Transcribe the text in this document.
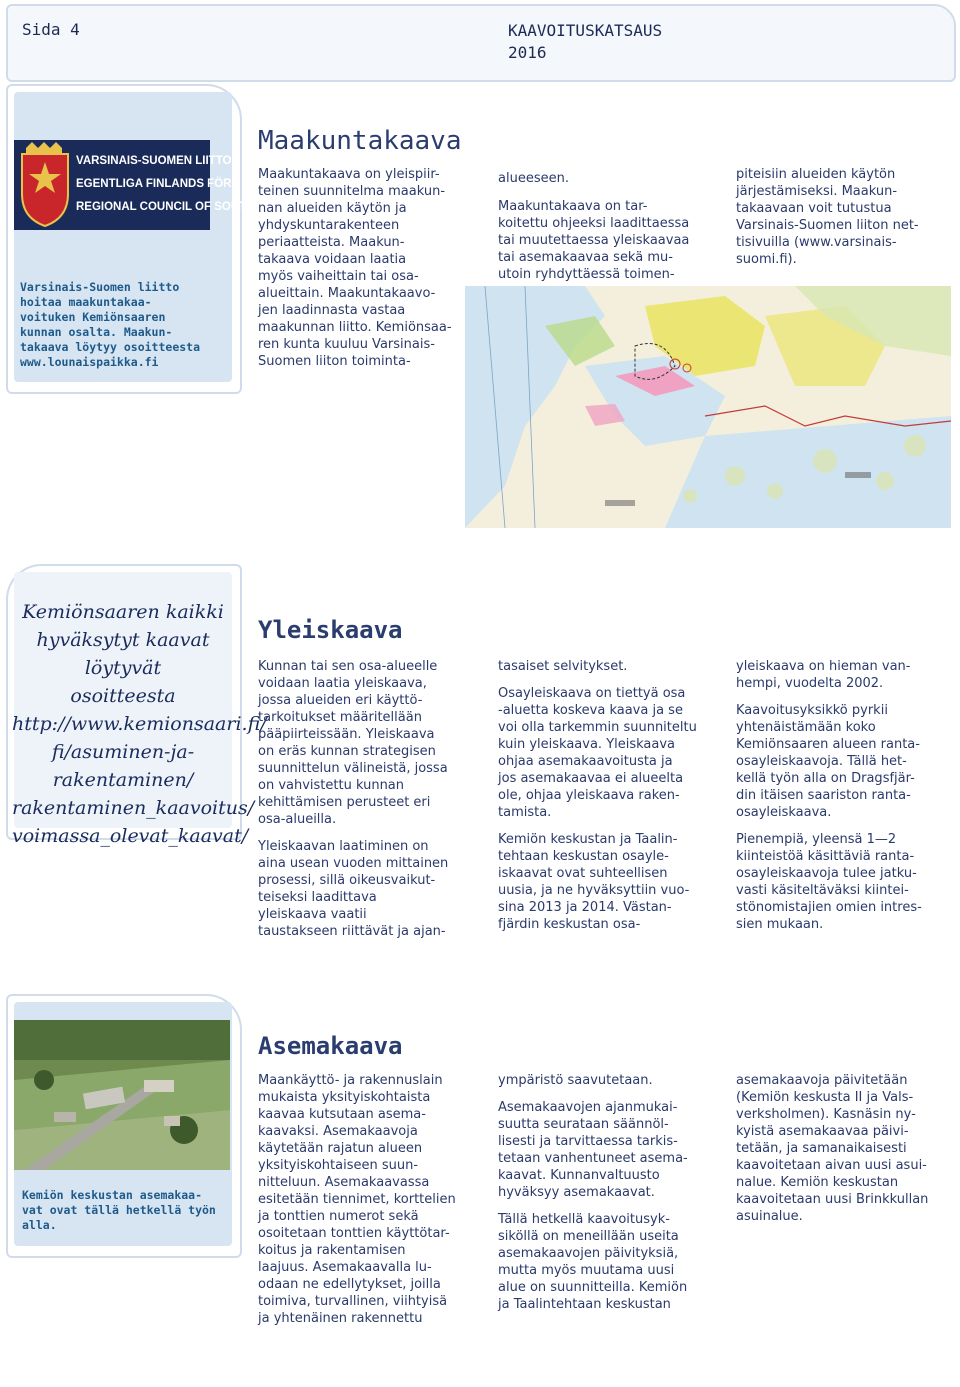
Sida 4	KAAVOITUSKATSAUS
2016
VARSINAIS-SUOMEN LIITTO
EGENTLIGA FINLANDS FÖRB
REGIONAL COUNCIL OF SOUT
Varsinais-Suomen liitto
hoitaa maakuntakaa-
voituken Kemiönsaaren
kunnan osalta. Maakun-
takaava löytyy osoitteesta
www.lounaispaikka.fi
Maakuntakaava
Maakuntakaava on yleispiir-
teinen suunnitelma maakun-
nan alueiden käytön ja
yhdyskuntarakenteen
periaatteista. Maakun-
takaava voidaan laatia
myös vaiheittain tai osa-
alueittain. Maakuntakaavo-
jen laadinnasta vastaa
maakunnan liitto. Kemiönsaa-
ren kunta kuuluu Varsinais-
Suomen liiton toiminta-
alueeseen.
Maakuntakaava on tar-
koitettu ohjeeksi laadittaessa
tai muutettaessa yleiskaavaa
tai asemakaavaa sekä mu-
utoin ryhdyttäessä toimen-
piteisiin alueiden käytön
järjestämiseksi. Maakun-
takaavaan voit tutustua
Varsinais-Suomen liiton net-
tisivuilla (www.varsinais-
suomi.fi).
Kemiönsaaren kaikki
hyväksytyt kaavat löytyvät
osoitteesta
http://www.kemionsaari.fi/
fi/asuminen-ja-
rakentaminen/
rakentaminen_kaavoitus/
voimassa_olevat_kaavat/
Yleiskaava

Kunnan tai sen osa-alueelle
voidaan laatia yleiskaava,
jossa alueiden eri käyttö-
tarkoitukset määritellään
pääpiirteissään. Yleiskaava
on eräs kunnan strategisen
suunnittelun välineistä, jossa
on vahvistettu kunnan
kehittämisen perusteet eri
osa-alueilla.

Yleiskaavan laatiminen on
aina usean vuoden mittainen
prosessi, sillä oikeusvaikut-
teiseksi laadittava
yleiskaava vaatii
taustakseen riittävät ja ajan-

tasaiset selvitykset.

Osayleiskaava on tiettyä osa
-aluetta koskeva kaava ja se
voi olla tarkemmin suunniteltu
kuin yleiskaava. Yleiskaava
ohjaa asemakaavoitusta ja
jos asemakaavaa ei alueelta
ole, ohjaa yleiskaava raken-
tamista.

Kemiön keskustan ja Taalin-
tehtaan keskustan osayle-
iskaavat ovat suhteellisen
uusia, ja ne hyväksyttiin vuo-
sina 2013 ja 2014. Västan-
fjärdin keskustan osa-

yleiskaava on hieman van-
hempi, vuodelta 2002.

Kaavoitusyksikkö pyrkii
yhtenäistämään koko
Kemiönsaaren alueen ranta-
osayleiskaavoja. Tällä het-
kellä työn alla on Dragsfjär-
din itäisen saariston ranta-
osayleiskaava.

Pienempiä, yleensä 1—2
kiinteistöä käsittäviä ranta-
osayleiskaavoja tulee jatku-
vasti käsiteltäväksi kiintei-
stönomistajien omien intres-
sien mukaan.

Kemiön keskustan asemakaa-
vat ovat tällä hetkellä työn
alla.
Asemakaava
Maankäyttö- ja rakennuslain
mukaista yksityiskohtaista
kaavaa kutsutaan asema-
kaavaksi. Asemakaavoja
käytetään rajatun alueen
yksityiskohtaiseen suun-
nitteluun. Asemakaavassa
esitetään tiennimet, korttelien
ja tonttien numerot sekä
osoitetaan tonttien käyttötar-
koitus ja rakentamisen
laajuus. Asemakaavalla lu-
odaan ne edellytykset, joilla
toimiva, turvallinen, viihtyisä
ja yhtenäinen rakennettu

ympäristö saavutetaan.

Asemakaavojen ajanmukai-
suutta seurataan säännöl-
lisesti ja tarvittaessa tarkis-
tetaan vanhentuneet asema-
kaavat. Kunnanvaltuusto
hyväksyy asemakaavat.

Tällä hetkellä kaavoitusyk-
siköllä on meneillään useita
asemakaavojen päivityksiä,
mutta myös muutama uusi
alue on suunnitteilla. Kemiön
ja Taalintehtaan keskustan

asemakaavoja päivitetään
(Kemiön keskusta II ja Vals-
verksholmen). Kasnäsin ny-
kyistä asemakaavaa päivi-
tetään, ja samanaikaisesti
kaavoitetaan aivan uusi asui-
nalue. Kemiön keskustan
kaavoitetaan uusi Brinkkullan
asuinalue.
